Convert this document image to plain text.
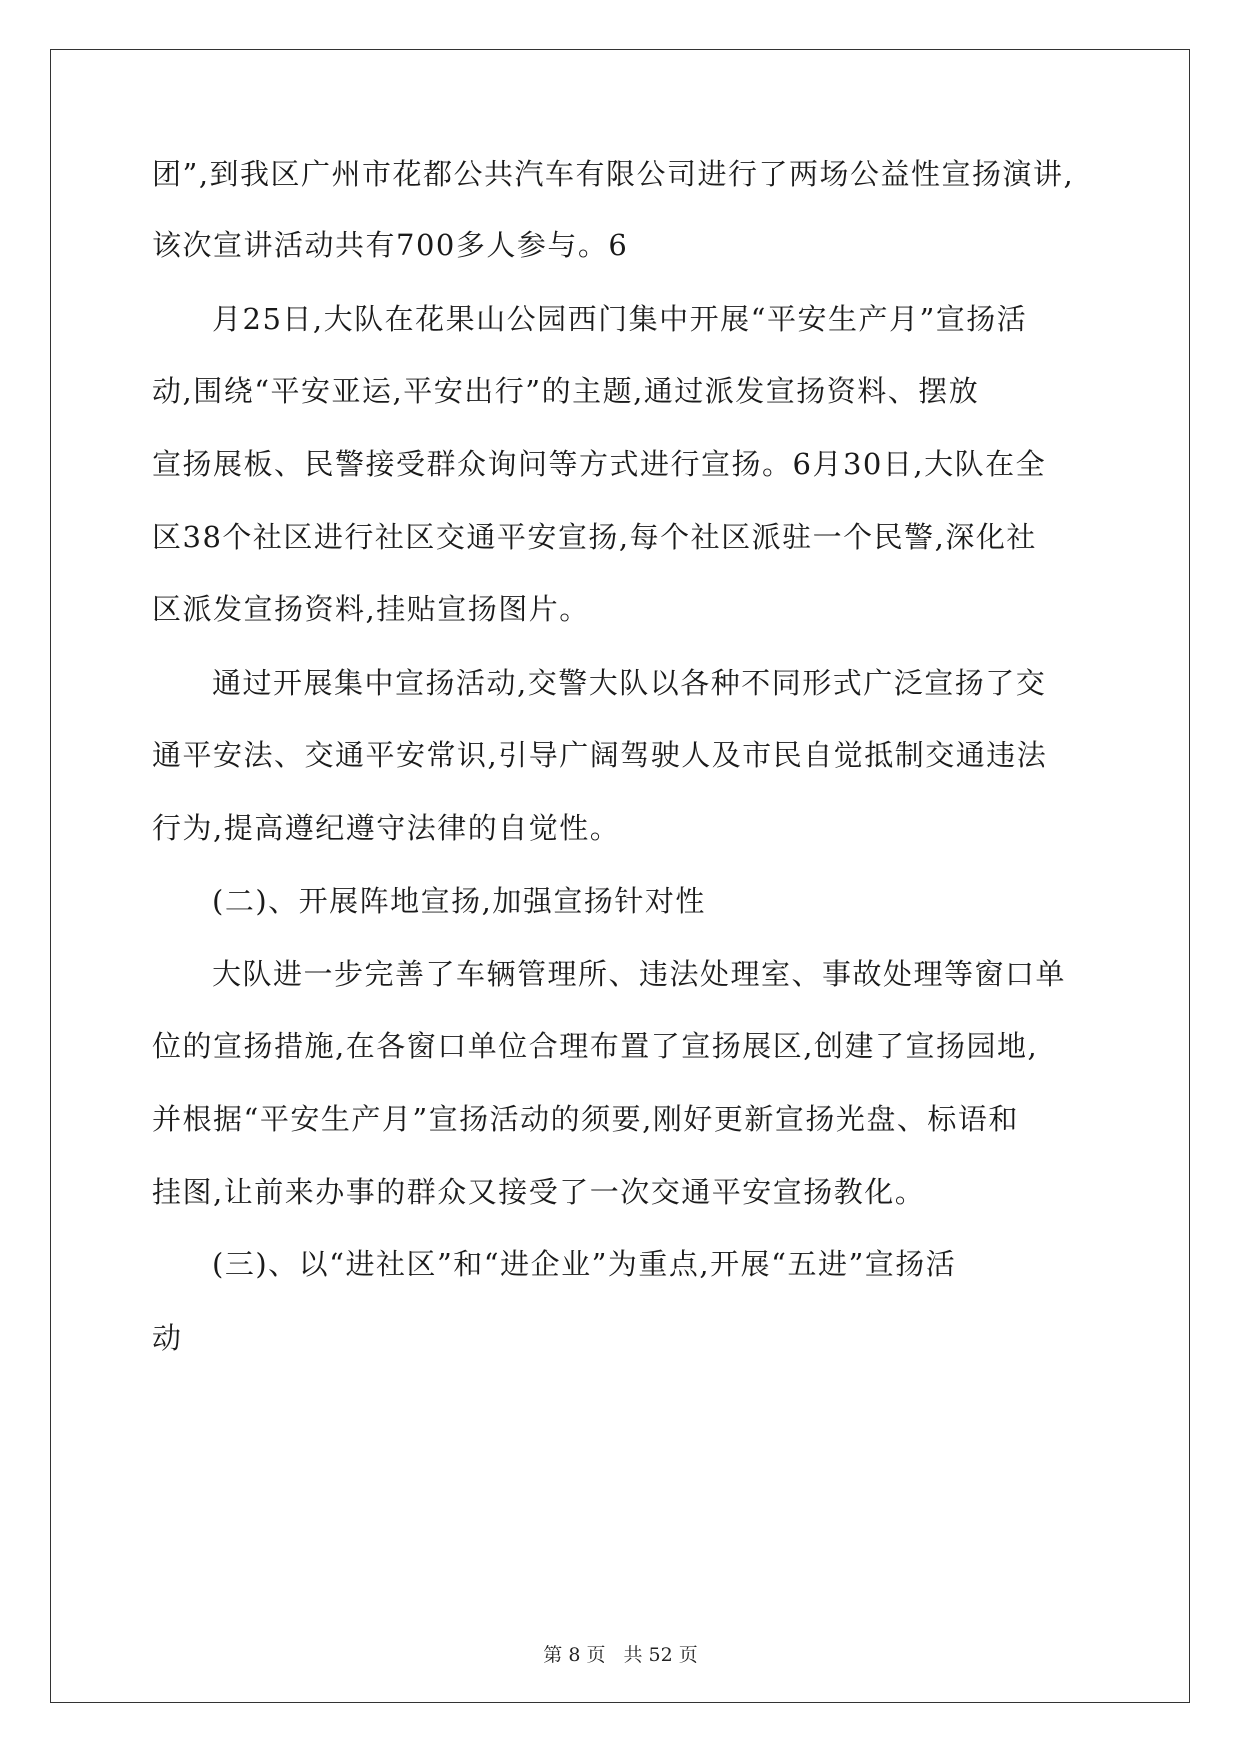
团”,到我区广州市花都公共汽车有限公司进行了两场公益性宣扬演讲,
该次宣讲活动共有700多人参与。6
月25日,大队在花果山公园西门集中开展“平安生产月”宣扬活
动,围绕“平安亚运,平安出行”的主题,通过派发宣扬资料、摆放
宣扬展板、民警接受群众询问等方式进行宣扬。6月30日,大队在全
区38个社区进行社区交通平安宣扬,每个社区派驻一个民警,深化社
区派发宣扬资料,挂贴宣扬图片。
通过开展集中宣扬活动,交警大队以各种不同形式广泛宣扬了交
通平安法、交通平安常识,引导广阔驾驶人及市民自觉抵制交通违法
行为,提高遵纪遵守法律的自觉性。
(二)、开展阵地宣扬,加强宣扬针对性
大队进一步完善了车辆管理所、违法处理室、事故处理等窗口单
位的宣扬措施,在各窗口单位合理布置了宣扬展区,创建了宣扬园地,
并根据“平安生产月”宣扬活动的须要,刚好更新宣扬光盘、标语和
挂图,让前来办事的群众又接受了一次交通平安宣扬教化。
(三)、以“进社区”和“进企业”为重点,开展“五进”宣扬活
动
第 8 页 共 52 页
